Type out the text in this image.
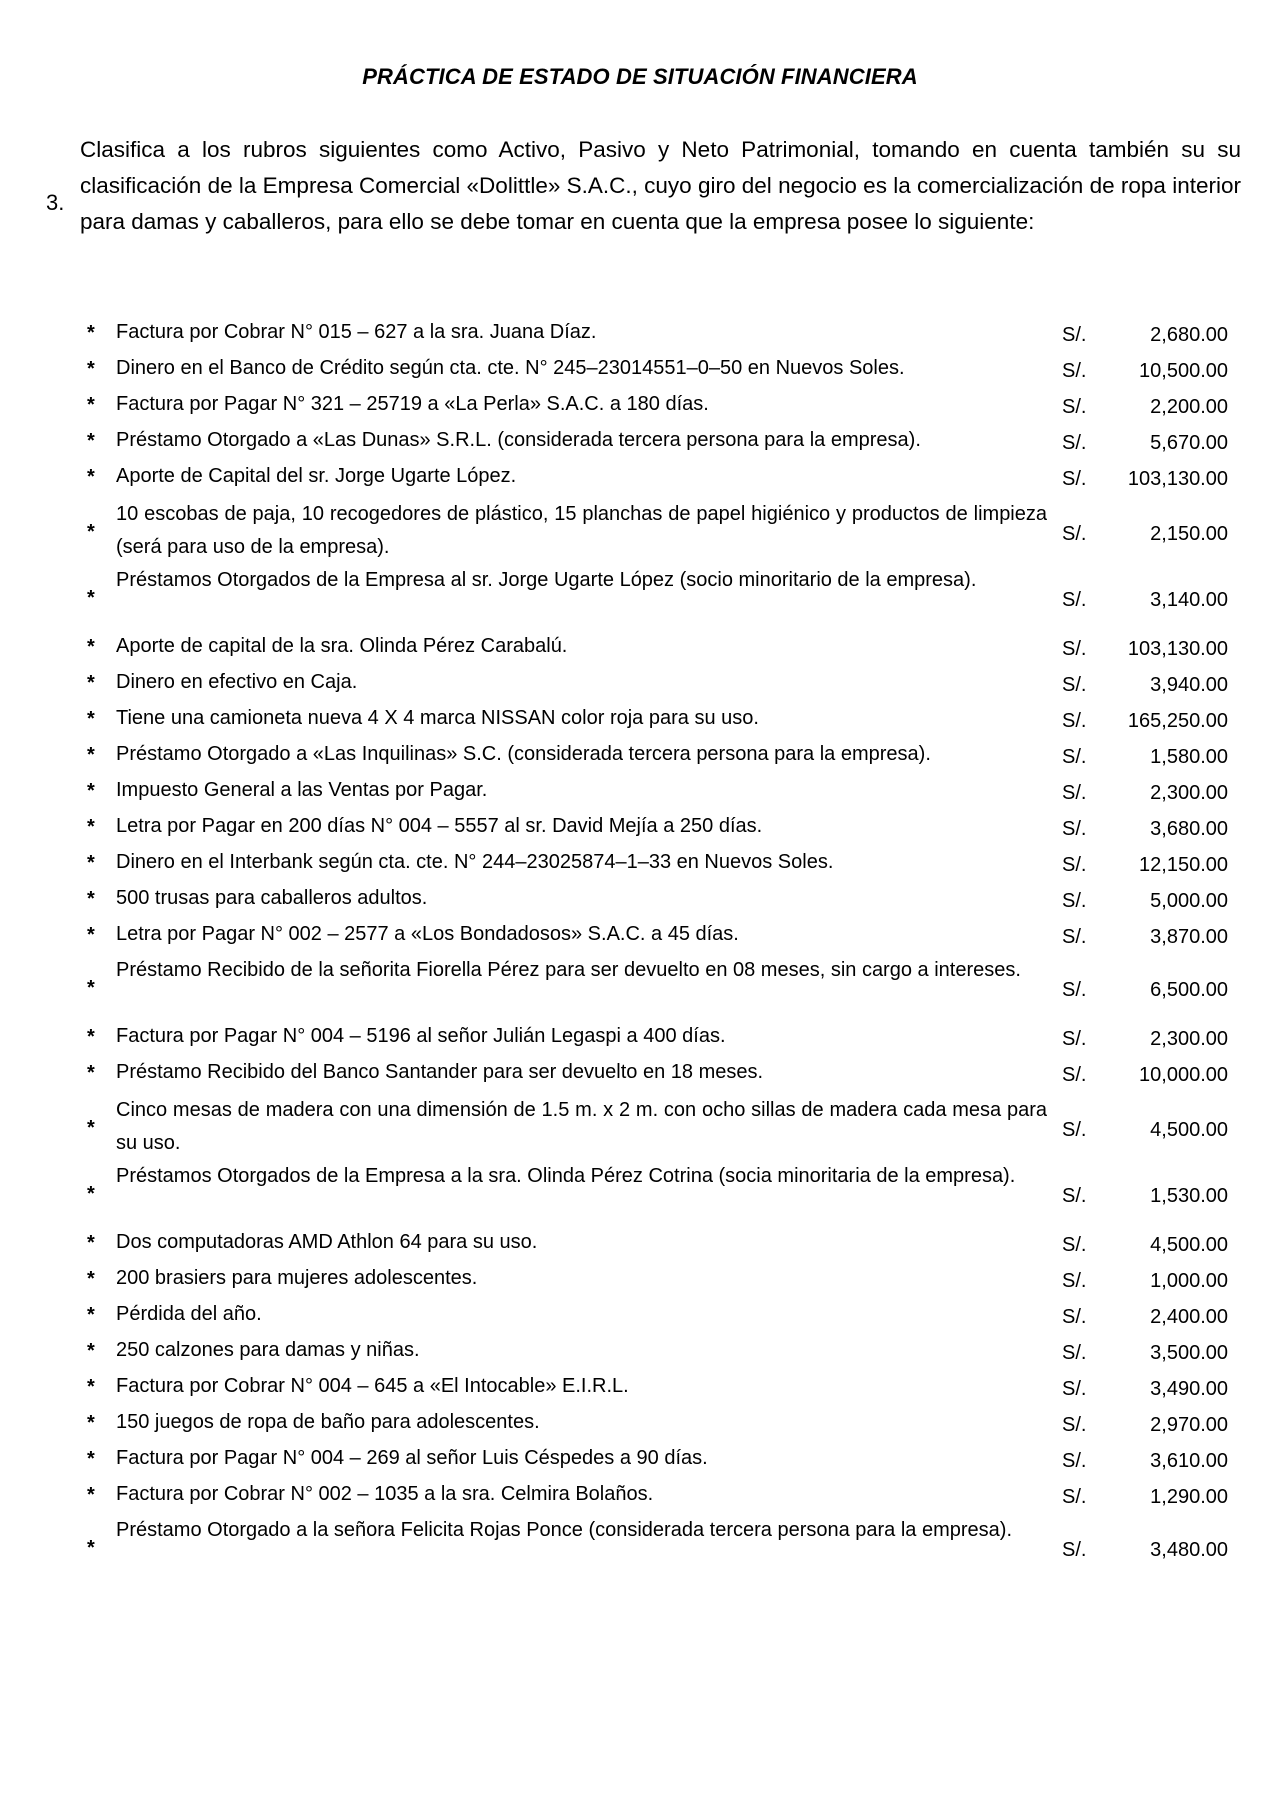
PRÁCTICA DE ESTADO DE SITUACIÓN FINANCIERA
3.
Clasifica a los rubros siguientes como Activo, Pasivo y Neto Patrimonial, tomando en cuenta también su su clasificación de la Empresa Comercial «Dolittle» S.A.C., cuyo giro del negocio es la comercialización de ropa interior para damas y caballeros, para ello se debe tomar en cuenta que la empresa posee lo siguiente:
* Factura por Cobrar N° 015 – 627 a la sra. Juana Díaz.	S/.	2,680.00
* Dinero en el Banco de Crédito según cta. cte. N° 245–23014551–0–50 en Nuevos Soles.	S/.	10,500.00
* Factura por Pagar N° 321 – 25719 a «La Perla» S.A.C. a 180 días.	S/.	2,200.00
* Préstamo Otorgado a «Las Dunas» S.R.L. (considerada tercera persona para la empresa).	S/.	5,670.00
* Aporte de Capital del sr. Jorge Ugarte López.	S/. 103,130.00
*
10 escobas de paja, 10 recogedores de plástico, 15 planchas de papel higiénico y productos de limpieza (será para uso de la empresa).
S/.	2,150.00
*
Préstamos Otorgados de la Empresa al sr. Jorge Ugarte López (socio minoritario de la empresa).
S/.	3,140.00
* Aporte de capital de la sra. Olinda Pérez Carabalú.	S/. 103,130.00
* Dinero en efectivo en Caja.	S/.	3,940.00
* Tiene una camioneta nueva 4 X 4 marca NISSAN color roja para su uso.	S/. 165,250.00
* Préstamo Otorgado a «Las Inquilinas» S.C. (considerada tercera persona para la empresa).	S/.	1,580.00
* Impuesto General a las Ventas por Pagar.	S/.	2,300.00
* Letra por Pagar en 200 días N° 004 – 5557 al sr. David Mejía a 250 días.	S/.	3,680.00
* Dinero en el Interbank según cta. cte. N° 244–23025874–1–33 en Nuevos Soles.	S/.	12,150.00
* 500 trusas para caballeros adultos.	S/.	5,000.00
* Letra por Pagar N° 002 – 2577 a «Los Bondadosos» S.A.C. a 45 días.	S/.	3,870.00
*
Préstamo Recibido de la señorita Fiorella Pérez para ser devuelto en 08 meses, sin cargo a intereses.
S/.	6,500.00
* Factura por Pagar N° 004 – 5196 al señor Julián Legaspi a 400 días.	S/.	2,300.00
* Préstamo Recibido del Banco Santander para ser devuelto en 18 meses.	S/.	10,000.00
*
Cinco mesas de madera con una dimensión de 1.5 m. x 2 m. con ocho sillas de madera cada mesa para su uso.
S/.	4,500.00
*
Préstamos Otorgados de la Empresa a la sra. Olinda Pérez Cotrina (socia minoritaria de la empresa).
S/.	1,530.00
* Dos computadoras AMD Athlon 64 para su uso.	S/.	4,500.00
* 200 brasiers para mujeres adolescentes.	S/.	1,000.00
* Pérdida del año.	S/.	2,400.00
* 250 calzones para damas y niñas.	S/.	3,500.00
* Factura por Cobrar N° 004 – 645 a «El Intocable» E.I.R.L.	S/.	3,490.00
* 150 juegos de ropa de baño para adolescentes.	S/.	2,970.00
* Factura por Pagar N° 004 – 269 al señor Luis Céspedes a 90 días.	S/.	3,610.00
* Factura por Cobrar N° 002 – 1035 a la sra. Celmira Bolaños.	S/.	1,290.00
*
Préstamo Otorgado a la señora Felicita Rojas Ponce (considerada tercera persona para la empresa).
S/.	3,480.00
